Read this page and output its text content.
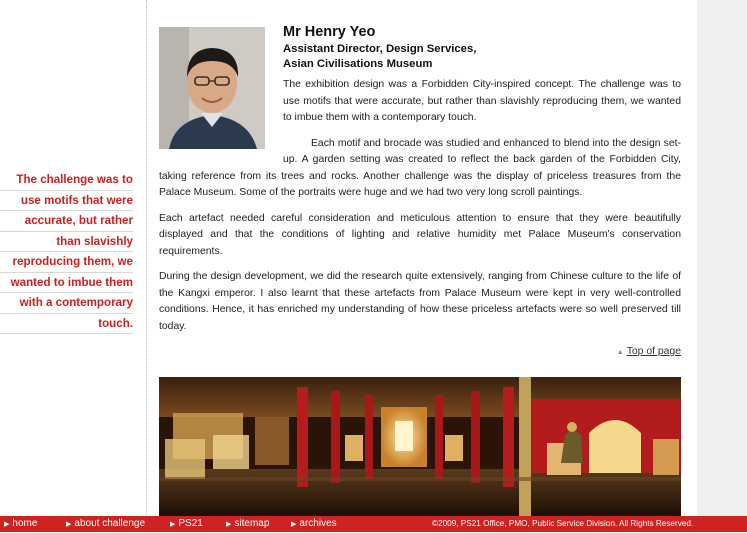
The challenge was to
use motifs that were
accurate, but rather
than slavishly
reproducing them, we
wanted to imbue them
with a contemporary
touch.
Mr Henry Yeo
Assistant Director, Design Services,
Asian Civilisations Museum

The exhibition design was a Forbidden City-inspired concept. The challenge was to use motifs that were accurate, but rather than slavishly reproducing them, we wanted to imbue them with a contemporary touch.

Each motif and brocade was studied and enhanced to blend into the design set-up. A garden setting was created to reflect the back garden of the Forbidden City, taking reference from its trees and rocks. Another challenge was the display of priceless treasures from the Palace Museum. Some of the portraits were huge and we had two very long scroll paintings.

Each artefact needed careful consideration and meticulous attention to ensure that they were beautifully displayed and that the conditions of lighting and relative humidity met Palace Museum's conservation requirements.

During the design development, we did the research quite extensively, ranging from Chinese culture to the life of the Kangxi emperor. I also learnt that these artefacts from Palace Museum were kept in very well-controlled conditions. Hence, it has enriched my understanding of how these priceless artefacts were so well preserved till today.

▲ Top of page
▶ home	▶ about challenge	▶ PS21	▶ sitemap	▶ archives	©2009, PS21 Office, PMO, Public Service Division. All Rights Reserved.
